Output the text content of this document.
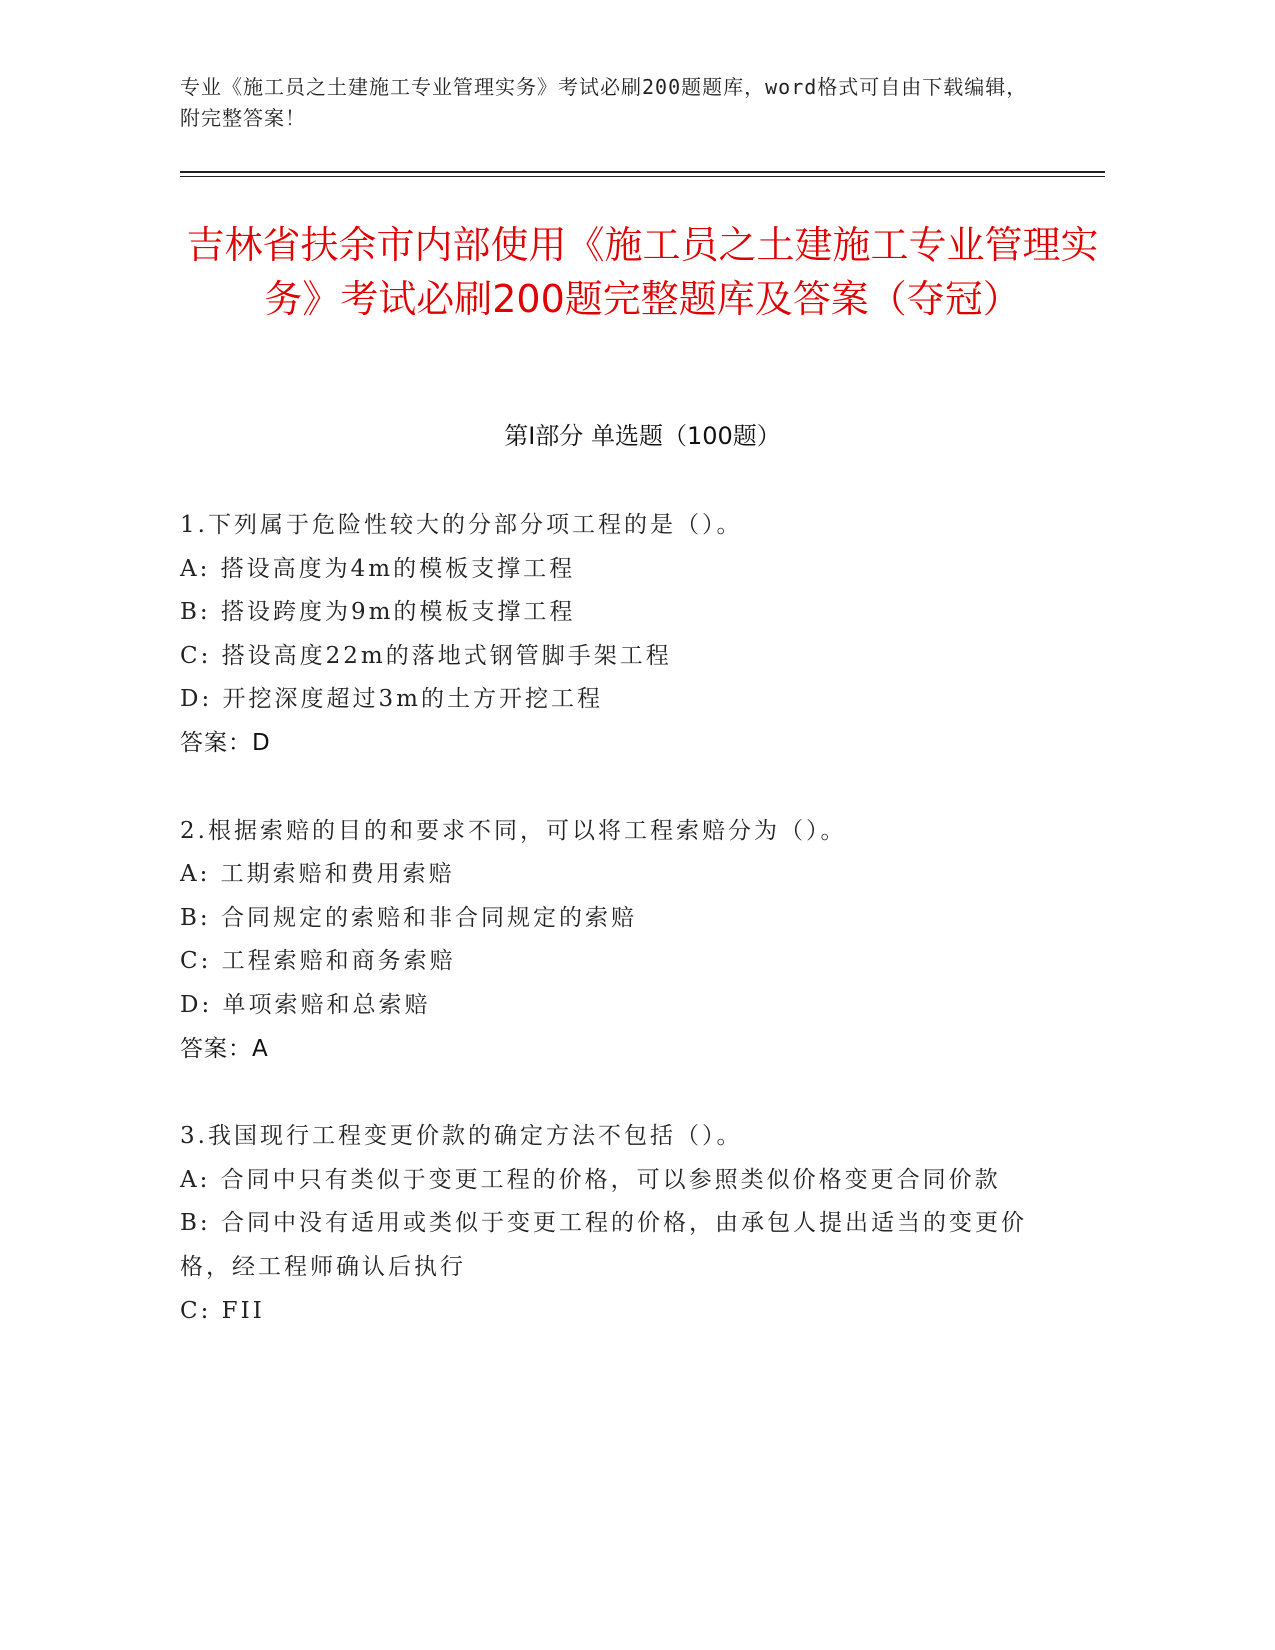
专业《施工员之土建施工专业管理实务》考试必刷200题题库，word格式可自由下载编辑，附完整答案！
吉林省扶余市内部使用《施工员之土建施工专业管理实务》考试必刷200题完整题库及答案（夺冠）
第Ⅰ部分 单选题（100题）
1.下列属于危险性较大的分部分项工程的是（）。
A: 搭设高度为4m的模板支撑工程
B: 搭设跨度为9m的模板支撑工程
C: 搭设高度22m的落地式钢管脚手架工程
D: 开挖深度超过3m的土方开挖工程
答案：D
2.根据索赔的目的和要求不同，可以将工程索赔分为（）。
A: 工期索赔和费用索赔
B: 合同规定的索赔和非合同规定的索赔
C: 工程索赔和商务索赔
D: 单项索赔和总索赔
答案：A
3.我国现行工程变更价款的确定方法不包括（）。
A: 合同中只有类似于变更工程的价格，可以参照类似价格变更合同价款
B: 合同中没有适用或类似于变更工程的价格，由承包人提出适当的变更价格，经工程师确认后执行
C: FII
